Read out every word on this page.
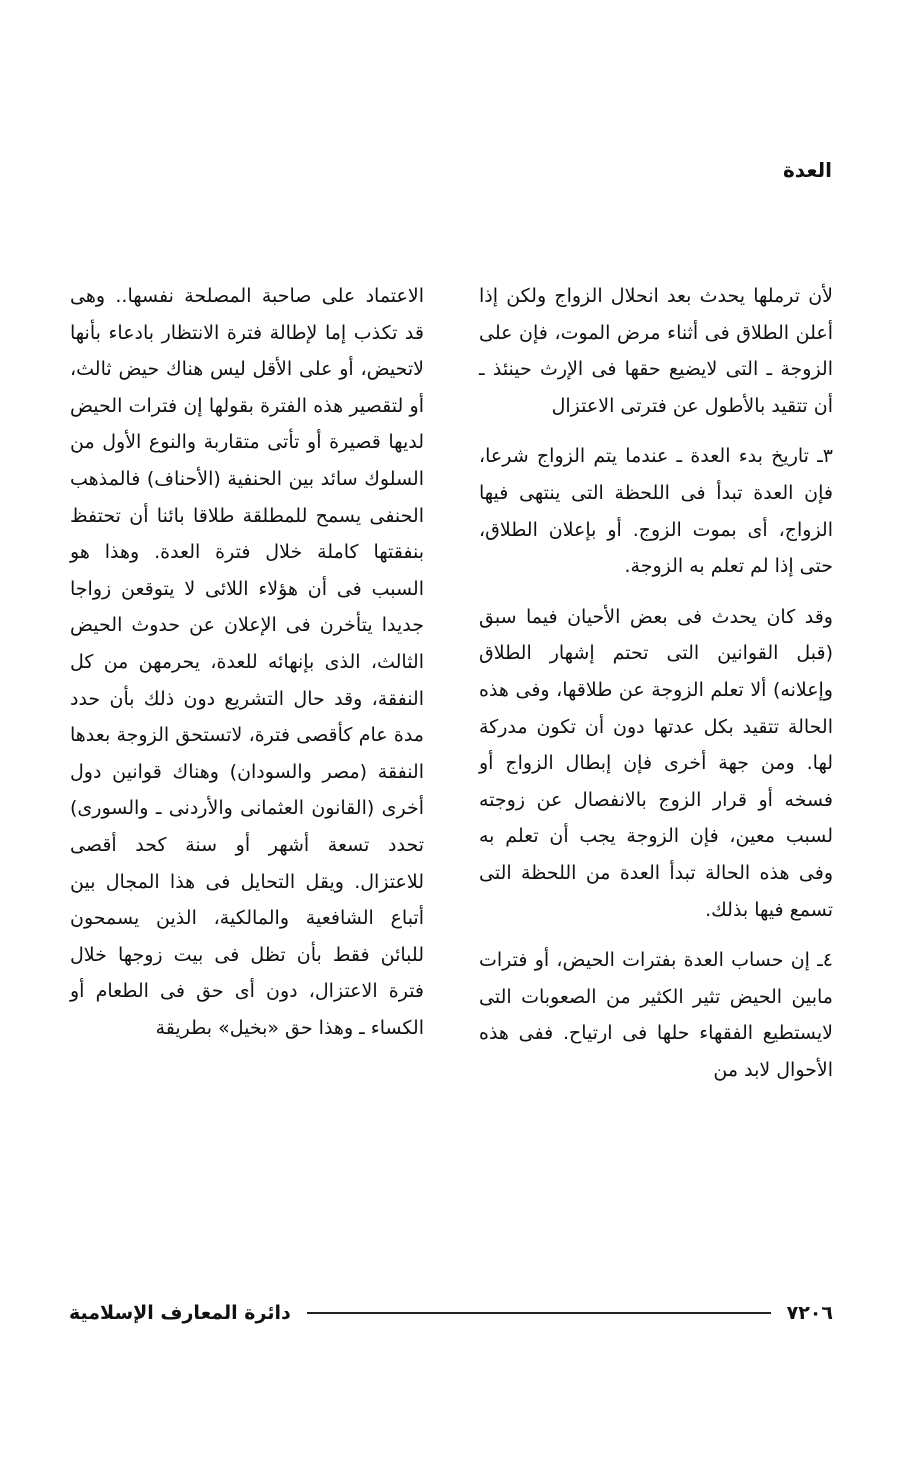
العدة

لأن ترملها يحدث بعد انحلال الزواج ولكن إذا أعلن الطلاق فى أثناء مرض الموت، فإن على الزوجة ـ التى لايضيع حقها فى الإرث حينئذ ـ أن تتقيد بالأطول عن فترتى الاعتزال

٣ـ تاريخ بدء العدة ـ عندما يتم الزواج شرعا، فإن العدة تبدأ فى اللحظة التى ينتهى فيها الزواج، أى بموت الزوج. أو بإعلان الطلاق، حتى إذا لم تعلم به الزوجة.

وقد كان يحدث فى بعض الأحيان فيما سبق (قبل القوانين التى تحتم إشهار الطلاق وإعلانه) ألا تعلم الزوجة عن طلاقها، وفى هذه الحالة تتقيد بكل عدتها دون أن تكون مدركة لها. ومن جهة أخرى فإن إبطال الزواج أو فسخه أو قرار الزوج بالانفصال عن زوجته لسبب معين، فإن الزوجة يجب أن تعلم به وفى هذه الحالة تبدأ العدة من اللحظة التى تسمع فيها بذلك.

٤ـ إن حساب العدة بفترات الحيض، أو فترات مابين الحيض تثير الكثير من الصعوبات التى لايستطيع الفقهاء حلها فى ارتياح. ففى هذه الأحوال لابد من

الاعتماد على صاحبة المصلحة نفسها.. وهى قد تكذب إما لإطالة فترة الانتظار بادعاء بأنها لاتحيض، أو على الأقل ليس هناك حيض ثالث، أو لتقصير هذه الفترة بقولها إن فترات الحيض لديها قصيرة أو تأتى متقاربة والنوع الأول من السلوك سائد بين الحنفية (الأحناف) فالمذهب الحنفى يسمح للمطلقة طلاقا بائنا أن تحتفظ بنفقتها كاملة خلال فترة العدة. وهذا هو السبب فى أن هؤلاء اللائى لا يتوقعن زواجا جديدا يتأخرن فى الإعلان عن حدوث الحيض الثالث، الذى بإنهائه للعدة، يحرمهن من كل النفقة، وقد حال التشريع دون ذلك بأن حدد مدة عام كأقصى فترة، لاتستحق الزوجة بعدها النفقة (مصر والسودان) وهناك قوانين دول أخرى (القانون العثمانى والأردنى ـ والسورى) تحدد تسعة أشهر أو سنة كحد أقصى للاعتزال. ويقل التحايل فى هذا المجال بين أتباع الشافعية والمالكية، الذين يسمحون للبائن فقط بأن تظل فى بيت زوجها خلال فترة الاعتزال، دون أى حق فى الطعام أو الكساء ـ وهذا حق «بخيل» بطريقة

٧٢٠٦
دائرة المعارف الإسلامية
